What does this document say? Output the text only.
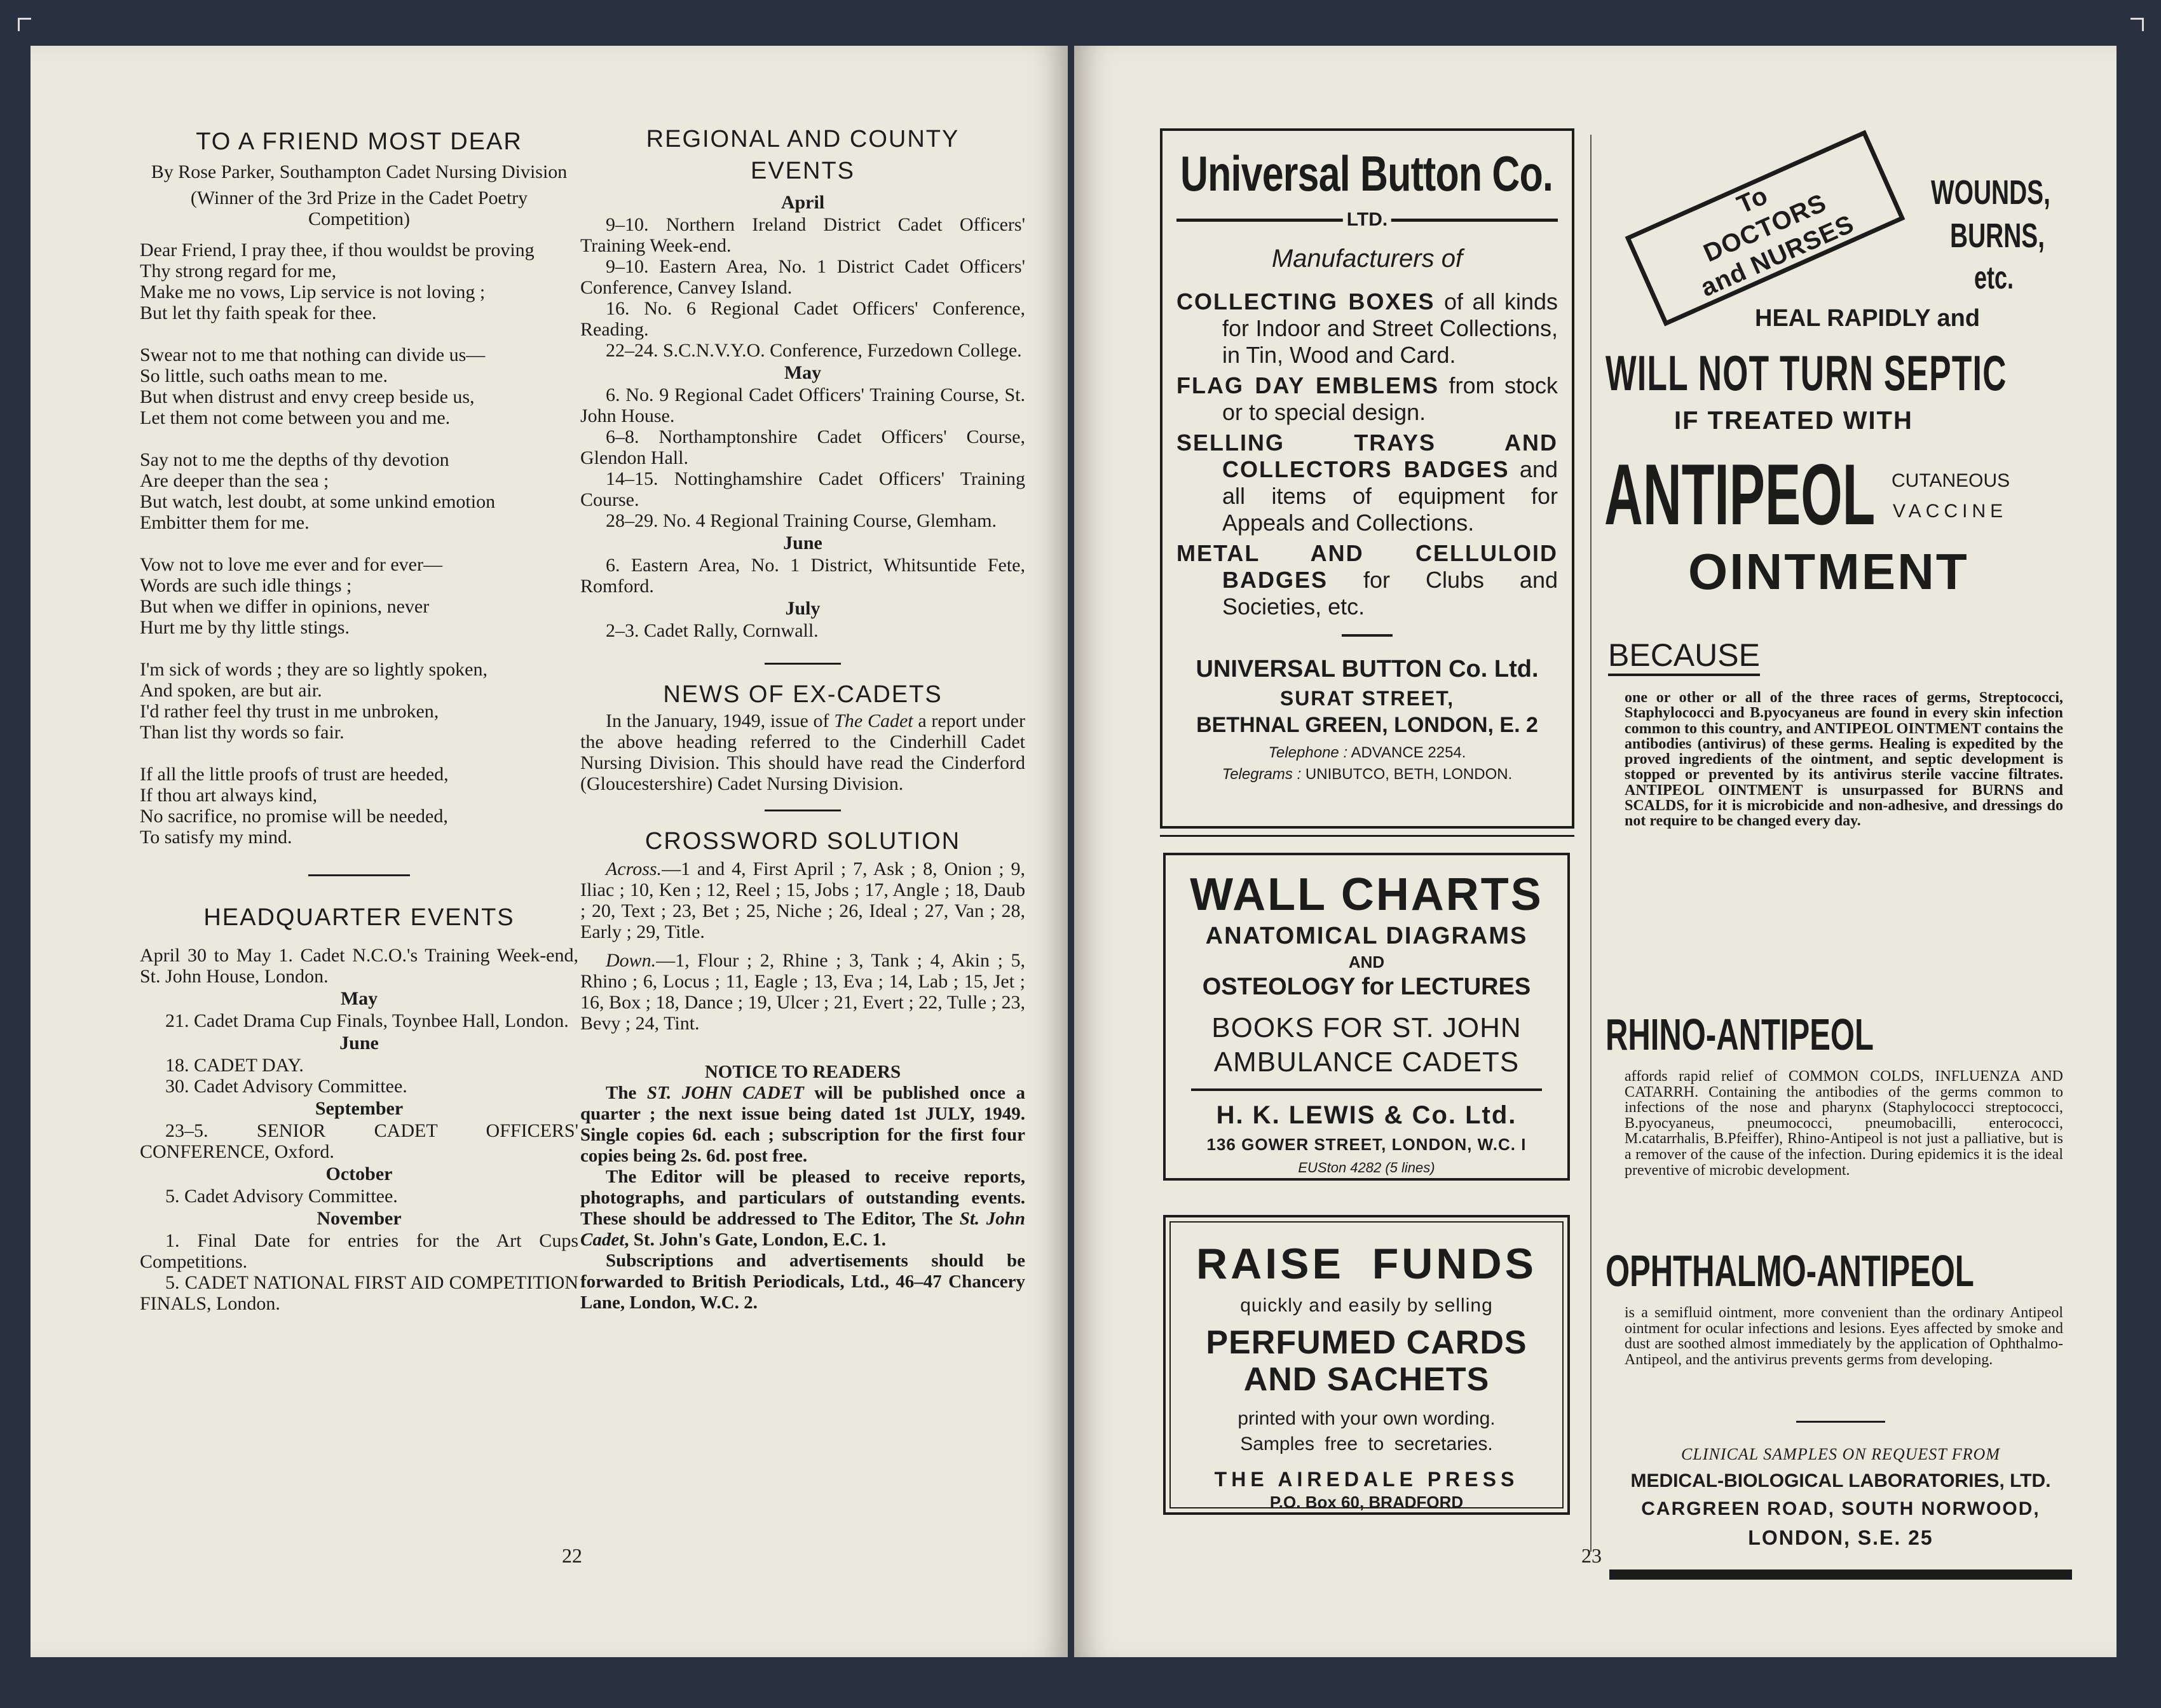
TO A FRIEND MOST DEAR
By Rose Parker, Southampton Cadet Nursing Division
(Winner of the 3rd Prize in the Cadet Poetry Competition)
Dear Friend, I pray thee, if thou wouldst be proving
Thy strong regard for me,
Make me no vows, Lip service is not loving ;
But let thy faith speak for thee.
Swear not to me that nothing can divide us—
So little, such oaths mean to me.
But when distrust and envy creep beside us,
Let them not come between you and me.
Say not to me the depths of thy devotion
Are deeper than the sea ;
But watch, lest doubt, at some unkind emotion
Embitter them for me.
Vow not to love me ever and for ever—
Words are such idle things ;
But when we differ in opinions, never
Hurt me by thy little stings.
I'm sick of words ; they are so lightly spoken,
And spoken, are but air.
I'd rather feel thy trust in me unbroken,
Than list thy words so fair.
If all the little proofs of trust are heeded,
If thou art always kind,
No sacrifice, no promise will be needed,
To satisfy my mind.
HEADQUARTER EVENTS
April 30 to May 1. Cadet N.C.O.'s Training Week-end, St. John House, London.
May
21. Cadet Drama Cup Finals, Toynbee Hall, London.
June
18. CADET DAY.
30. Cadet Advisory Committee.
September
23–5. SENIOR CADET OFFICERS' CONFERENCE, Oxford.
October
5. Cadet Advisory Committee.
November
1. Final Date for entries for the Art Cups Competitions.
5. CADET NATIONAL FIRST AID COMPETITION FINALS, London.
REGIONAL AND COUNTY EVENTS
April
9–10. Northern Ireland District Cadet Officers' Training Week-end.
9–10. Eastern Area, No. 1 District Cadet Officers' Conference, Canvey Island.
16. No. 6 Regional Cadet Officers' Conference, Reading.
22–24. S.C.N.V.Y.O. Conference, Furzedown College.
May
6. No. 9 Regional Cadet Officers' Training Course, St. John House.
6–8. Northamptonshire Cadet Officers' Course, Glendon Hall.
14–15. Nottinghamshire Cadet Officers' Training Course.
28–29. No. 4 Regional Training Course, Glemham.
June
6. Eastern Area, No. 1 District, Whitsuntide Fete, Romford.
July
2–3. Cadet Rally, Cornwall.
NEWS OF EX-CADETS
In the January, 1949, issue of The Cadet a report under the above heading referred to the Cinderhill Cadet Nursing Division. This should have read the Cinderford (Gloucestershire) Cadet Nursing Division.
CROSSWORD SOLUTION
Across.—1 and 4, First April ; 7, Ask ; 8, Onion ; 9, Iliac ; 10, Ken ; 12, Reel ; 15, Jobs ; 17, Angle ; 18, Daub ; 20, Text ; 23, Bet ; 25, Niche ; 26, Ideal ; 27, Van ; 28, Early ; 29, Title.
Down.—1, Flour ; 2, Rhine ; 3, Tank ; 4, Akin ; 5, Rhino ; 6, Locus ; 11, Eagle ; 13, Eva ; 14, Lab ; 15, Jet ; 16, Box ; 18, Dance ; 19, Ulcer ; 21, Evert ; 22, Tulle ; 23, Bevy ; 24, Tint.
NOTICE TO READERS
The ST. JOHN CADET will be published once a quarter ; the next issue being dated 1st JULY, 1949. Single copies 6d. each ; subscription for the first four copies being 2s. 6d. post free.
The Editor will be pleased to receive reports, photographs, and particulars of outstanding events. These should be addressed to The Editor, The St. John Cadet, St. John's Gate, London, E.C. 1.
Subscriptions and advertisements should be forwarded to British Periodicals, Ltd., 46–47 Chancery Lane, London, W.C. 2.
22
Universal Button Co.
LTD.
Manufacturers of
COLLECTING BOXES of all kinds for Indoor and Street Collections, in Tin, Wood and Card.
FLAG DAY EMBLEMS from stock or to special design.
SELLING TRAYS AND COLLECTORS BADGES and all items of equipment for Appeals and Collections.
METAL AND CELLULOID BADGES for Clubs and Societies, etc.
UNIVERSAL BUTTON Co. Ltd.
SURAT STREET,
BETHNAL GREEN, LONDON, E. 2
Telephone : ADVANCE 2254.
Telegrams : UNIBUTCO, BETH, LONDON.
WALL CHARTS
ANATOMICAL DIAGRAMS
AND
OSTEOLOGY for LECTURES
BOOKS FOR ST. JOHN AMBULANCE CADETS
H. K. LEWIS & Co. Ltd.
136 GOWER STREET, LONDON, W.C. I
EUSton 4282 (5 lines)
RAISE FUNDS
quickly and easily by selling
PERFUMED CARDS AND SACHETS
printed with your own wording.
Samples free to secretaries.
THE AIREDALE PRESS
P.O. Box 60, BRADFORD
To DOCTORS and NURSES
WOUNDS,
BURNS,
etc.
HEAL RAPIDLY and
WILL NOT TURN SEPTIC
IF TREATED WITH
ANTIPEOL CUTANEOUS
VACCINE
OINTMENT
BECAUSE
one or other or all of the three races of germs, Streptococci, Staphylococci and B.pyocyaneus are found in every skin infection common to this country, and ANTIPEOL OINTMENT contains the antibodies (antivirus) of these germs. Healing is expedited by the proved ingredients of the ointment, and septic development is stopped or prevented by its antivirus sterile vaccine filtrates. ANTIPEOL OINTMENT is unsurpassed for BURNS and SCALDS, for it is microbicide and non-adhesive, and dressings do not require to be changed every day.
RHINO-ANTIPEOL
affords rapid relief of COMMON COLDS, INFLUENZA AND CATARRH. Containing the antibodies of the germs common to infections of the nose and pharynx (Staphylococci streptococci, B.pyocyaneus, pneumococci, pneumobacilli, enterococci, M.catarrhalis, B.Pfeiffer), Rhino-Antipeol is not just a palliative, but is a remover of the cause of the infection. During epidemics it is the ideal preventive of microbic development.
OPHTHALMO-ANTIPEOL
is a semifluid ointment, more convenient than the ordinary Antipeol ointment for ocular infections and lesions. Eyes affected by smoke and dust are soothed almost immediately by the application of Ophthalmo-Antipeol, and the antivirus prevents germs from developing.
CLINICAL SAMPLES ON REQUEST FROM
MEDICAL-BIOLOGICAL LABORATORIES, LTD.
CARGREEN ROAD, SOUTH NORWOOD,
LONDON, S.E. 25
23
